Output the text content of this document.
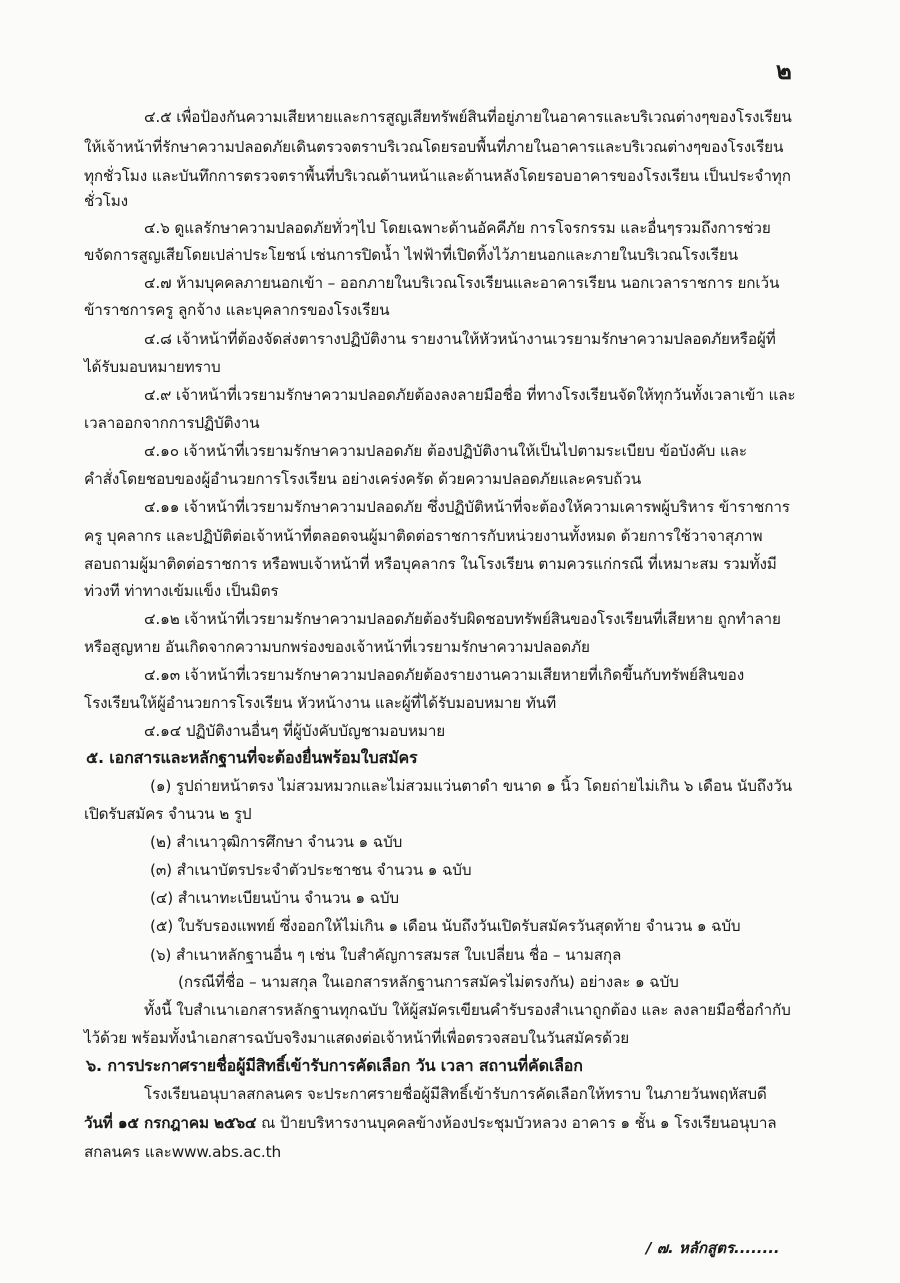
๒
๔.๕ เพื่อป้องกันความเสียหายและการสูญเสียทรัพย์สินที่อยู่ภายในอาคารและบริเวณต่างๆของโรงเรียน
ให้เจ้าหน้าที่รักษาความปลอดภัยเดินตรวจตราบริเวณโดยรอบพื้นที่ภายในอาคารและบริเวณต่างๆของโรงเรียน
ทุกชั่วโมง และบันทึกการตรวจตราพื้นที่บริเวณด้านหน้าและด้านหลังโดยรอบอาคารของโรงเรียน เป็นประจำทุก
ชั่วโมง
๔.๖ ดูแลรักษาความปลอดภัยทั่วๆไป โดยเฉพาะด้านอัคคีภัย การโจรกรรม และอื่นๆรวมถึงการช่วย
ขจัดการสูญเสียโดยเปล่าประโยชน์ เช่นการปิดน้ำ ไฟฟ้าที่เปิดทิ้งไว้ภายนอกและภายในบริเวณโรงเรียน
๔.๗ ห้ามบุคคลภายนอกเข้า – ออกภายในบริเวณโรงเรียนและอาคารเรียน นอกเวลาราชการ ยกเว้น
ข้าราชการครู ลูกจ้าง และบุคลากรของโรงเรียน
๔.๘ เจ้าหน้าที่ต้องจัดส่งตารางปฏิบัติงาน รายงานให้หัวหน้างานเวรยามรักษาความปลอดภัยหรือผู้ที่
ได้รับมอบหมายทราบ
๔.๙ เจ้าหน้าที่เวรยามรักษาความปลอดภัยต้องลงลายมือชื่อ ที่ทางโรงเรียนจัดให้ทุกวันทั้งเวลาเข้า และ
เวลาออกจากการปฏิบัติงาน
๔.๑๐ เจ้าหน้าที่เวรยามรักษาความปลอดภัย ต้องปฏิบัติงานให้เป็นไปตามระเบียบ ข้อบังคับ และ
คำสั่งโดยชอบของผู้อำนวยการโรงเรียน อย่างเคร่งครัด ด้วยความปลอดภัยและครบถ้วน
๔.๑๑ เจ้าหน้าที่เวรยามรักษาความปลอดภัย ซึ่งปฏิบัติหน้าที่จะต้องให้ความเคารพผู้บริหาร ข้าราชการ
ครู บุคลากร และปฏิบัติต่อเจ้าหน้าที่ตลอดจนผู้มาติดต่อราชการกับหน่วยงานทั้งหมด ด้วยการใช้วาจาสุภาพ
สอบถามผู้มาติดต่อราชการ หรือพบเจ้าหน้าที่ หรือบุคลากร ในโรงเรียน ตามควรแก่กรณี ที่เหมาะสม รวมทั้งมี
ท่วงที ท่าทางเข้มแข็ง เป็นมิตร
๔.๑๒ เจ้าหน้าที่เวรยามรักษาความปลอดภัยต้องรับผิดชอบทรัพย์สินของโรงเรียนที่เสียหาย ถูกทำลาย
หรือสูญหาย อันเกิดจากความบกพร่องของเจ้าหน้าที่เวรยามรักษาความปลอดภัย
๔.๑๓ เจ้าหน้าที่เวรยามรักษาความปลอดภัยต้องรายงานความเสียหายที่เกิดขึ้นกับทรัพย์สินของ
โรงเรียนให้ผู้อำนวยการโรงเรียน หัวหน้างาน และผู้ที่ได้รับมอบหมาย ทันที
๔.๑๔ ปฏิบัติงานอื่นๆ ที่ผู้บังคับบัญชามอบหมาย
๕. เอกสารและหลักฐานที่จะต้องยื่นพร้อมใบสมัคร
(๑) รูปถ่ายหน้าตรง ไม่สวมหมวกและไม่สวมแว่นตาดำ ขนาด ๑ นิ้ว โดยถ่ายไม่เกิน ๖ เดือน นับถึงวัน
เปิดรับสมัคร จำนวน ๒ รูป
(๒) สำเนาวุฒิการศึกษา จำนวน ๑ ฉบับ
(๓) สำเนาบัตรประจำตัวประชาชน จำนวน ๑ ฉบับ
(๔) สำเนาทะเบียนบ้าน จำนวน ๑ ฉบับ
(๕) ใบรับรองแพทย์ ซึ่งออกให้ไม่เกิน ๑ เดือน นับถึงวันเปิดรับสมัครวันสุดท้าย จำนวน ๑ ฉบับ
(๖) สำเนาหลักฐานอื่น ๆ เช่น ใบสำคัญการสมรส ใบเปลี่ยน ชื่อ – นามสกุล
(กรณีที่ชื่อ – นามสกุล ในเอกสารหลักฐานการสมัครไม่ตรงกัน) อย่างละ ๑ ฉบับ
ทั้งนี้ ใบสำเนาเอกสารหลักฐานทุกฉบับ ให้ผู้สมัครเขียนคำรับรองสำเนาถูกต้อง และ ลงลายมือชื่อกำกับ
ไว้ด้วย พร้อมทั้งนำเอกสารฉบับจริงมาแสดงต่อเจ้าหน้าที่เพื่อตรวจสอบในวันสมัครด้วย
๖. การประกาศรายชื่อผู้มีสิทธิ์เข้ารับการคัดเลือก วัน เวลา สถานที่คัดเลือก
โรงเรียนอนุบาลสกลนคร จะประกาศรายชื่อผู้มีสิทธิ์เข้ารับการคัดเลือกให้ทราบ ในภายวันพฤหัสบดี
วันที่ ๑๕ กรกฎาคม ๒๕๖๔ ณ ป้ายบริหารงานบุคคลข้างห้องประชุมบัวหลวง อาคาร ๑ ชั้น ๑ โรงเรียนอนุบาล
สกลนคร และwww.abs.ac.th
/ ๗. หลักสูตร........
